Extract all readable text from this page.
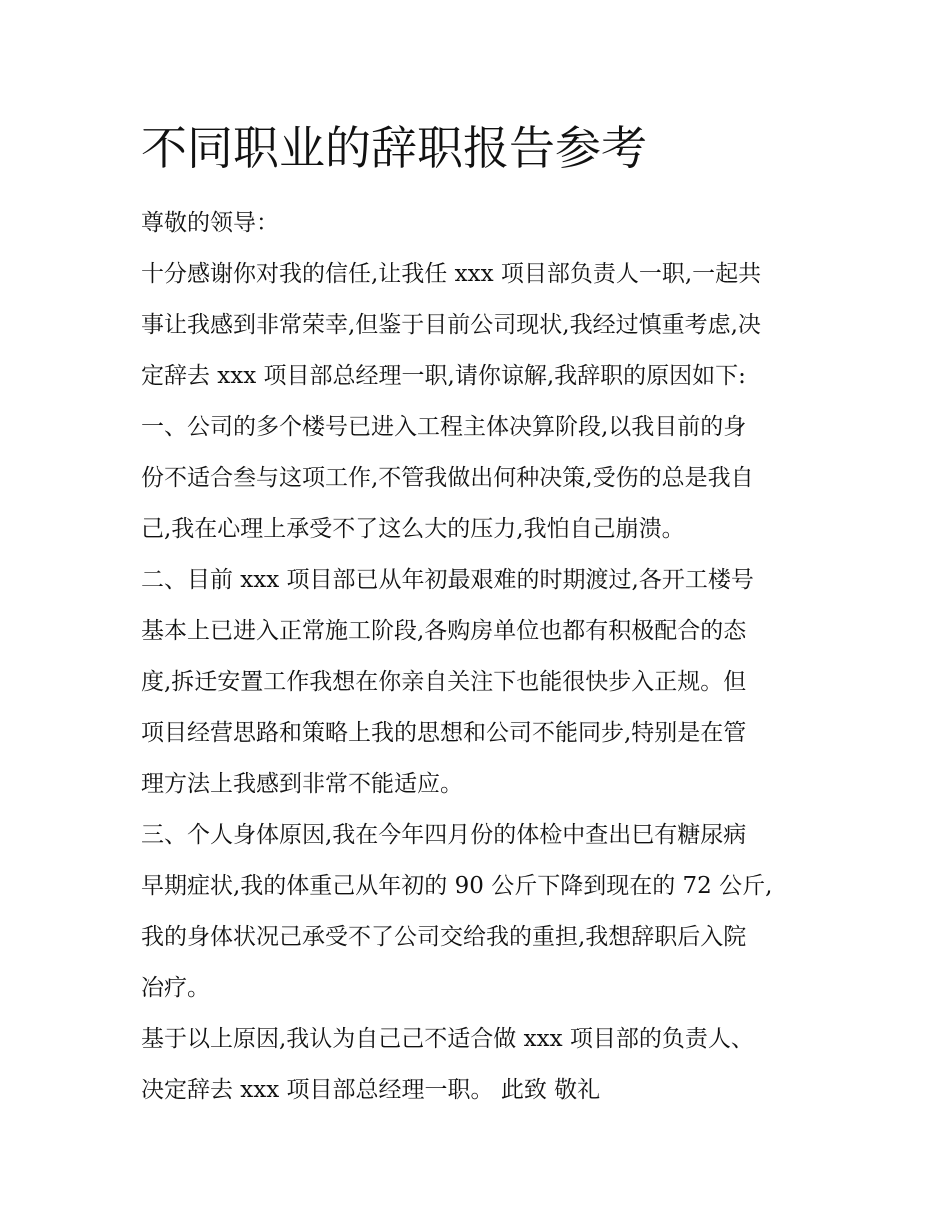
不同职业的辞职报告参考
尊敬的领导：
十分感谢你对我的信任,让我任 xxx 项目部负责人一职,一起共
事让我感到非常荣幸,但鉴于目前公司现状,我经过慎重考虑,决
定辞去 xxx 项目部总经理一职,请你谅解,我辞职的原因如下:
一、公司的多个楼号已进入工程主体决算阶段,以我目前的身
份不适合叁与这项工作,不管我做出何种决策,受伤的总是我自
己,我在心理上承受不了这么大的压力,我怕自己崩溃。
二、目前 xxx 项目部已从年初最艰难的时期渡过,各开工楼号
基本上已进入正常施工阶段,各购房单位也都有积极配合的态
度,拆迁安置工作我想在你亲自关注下也能很快步入正规。但
项目经营思路和策略上我的思想和公司不能同步,特别是在管
理方法上我感到非常不能适应。
三、个人身体原因,我在今年四月份的体检中查出巳有糖尿病
早期症状,我的体重己从年初的 90 公斤下降到现在的 72 公斤,
我的身体状况己承受不了公司交给我的重担,我想辞职后入院
冶疗。
基于以上原因,我认为自己己不适合做 xxx 项目部的负责人、
决定辞去 xxx 项目部总经理一职。 此致 敬礼
